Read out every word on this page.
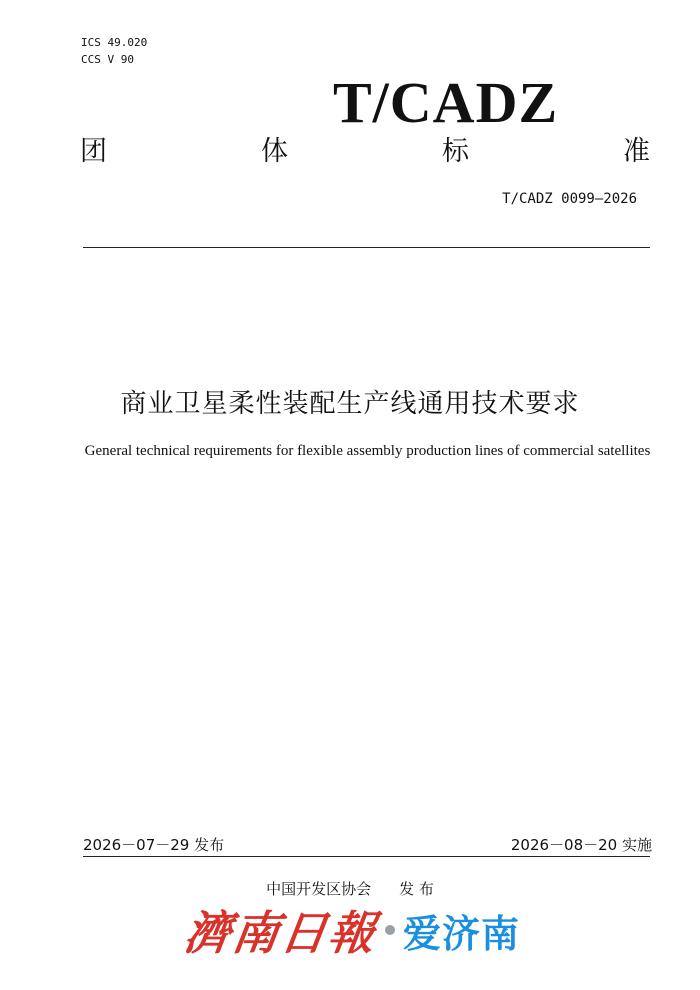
ICS 49.020
CCS V 90
T/CADZ
团	体	标	准
T/CADZ 0099—2026
商业卫星柔性装配生产线通用技术要求
General technical requirements for flexible assembly production lines of commercial satellites
2026－07－29 发布	2026－08－20 实施
中国开发区协会 发 布
濟南日報 爱济南
